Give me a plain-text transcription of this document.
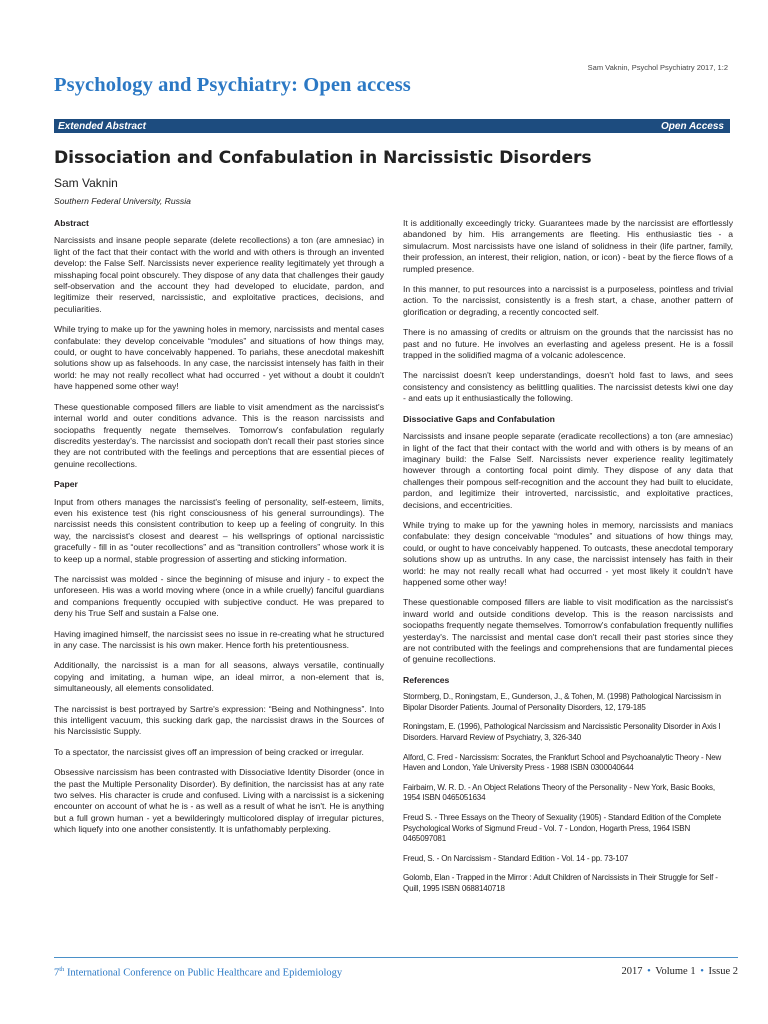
Sam Vaknin, Psychol Psychiatry 2017, 1:2
Psychology and Psychiatry: Open access
Extended Abstract	Open Access
Dissociation and Confabulation in Narcissistic Disorders
Sam Vaknin
Southern Federal University, Russia
Abstract

Narcissists and insane people separate (delete recollections) a ton (are amnesiac) in light of the fact that their contact with the world and with others is through an invented develop: the False Self. Narcissists never experience reality legitimately yet through a misshaping focal point obscurely. They dispose of any data that challenges their gaudy self-observation and the account they had developed to elucidate, pardon, and legitimize their reserved, narcissistic, and exploitative practices, decisions, and peculiarities.

While trying to make up for the yawning holes in memory, narcissists and mental cases confabulate: they develop conceivable “modules” and situations of how things may, could, or ought to have conceivably happened. To pariahs, these anecdotal makeshift solutions show up as falsehoods. In any case, the narcissist intensely has faith in their world: he may not really recollect what had occurred - yet without a doubt it couldn't have happened some other way!

These questionable composed fillers are liable to visit amendment as the narcissist's internal world and outer conditions advance. This is the reason narcissists and sociopaths frequently negate themselves. Tomorrow's confabulation regularly discredits yesterday's. The narcissist and sociopath don't recall their past stories since they are not contributed with the feelings and perceptions that are essential pieces of genuine recollections.

Paper

Input from others manages the narcissist's feeling of personality, self-esteem, limits, even his existence test (his right consciousness of his general surroundings). The narcissist needs this consistent contribution to keep up a feeling of congruity. In this way, the narcissist's closest and dearest – his wellsprings of optional narcissistic gracefully - fill in as “outer recollections” and as “transition controllers” whose work it is to keep up a normal, stable progression of asserting and sticking information.

The narcissist was molded - since the beginning of misuse and injury - to expect the unforeseen. His was a world moving where (once in a while cruelly) fanciful guardians and companions frequently occupied with subjective conduct. He was prepared to deny his True Self and sustain a False one.

Having imagined himself, the narcissist sees no issue in re-creating what he structured in any case. The narcissist is his own maker. Hence forth his pretentiousness.

Additionally, the narcissist is a man for all seasons, always versatile, continually copying and imitating, a human wipe, an ideal mirror, a non-element that is, simultaneously, all elements consolidated.

The narcissist is best portrayed by Sartre's expression: “Being and Nothingness”. Into this intelligent vacuum, this sucking dark gap, the narcissist draws in the Sources of his Narcissistic Supply.

To a spectator, the narcissist gives off an impression of being cracked or irregular.

Obsessive narcissism has been contrasted with Dissociative Identity Disorder (once in the past the Multiple Personality Disorder). By definition, the narcissist has at any rate two selves. His character is crude and confused. Living with a narcissist is a sickening encounter on account of what he is - as well as a result of what he isn't. He is anything but a full grown human - yet a bewilderingly multicolored display of irregular pictures, which liquefy into one another consistently. It is unfathomably perplexing.

It is additionally exceedingly tricky. Guarantees made by the narcissist are effortlessly abandoned by him. His arrangements are fleeting. His enthusiastic ties - a simulacrum. Most narcissists have one island of solidness in their (life partner, family, their profession, an interest, their religion, nation, or icon) - beat by the fierce flows of a rumpled presence.

In this manner, to put resources into a narcissist is a purposeless, pointless and trivial action. To the narcissist, consistently is a fresh start, a chase, another pattern of glorification or degrading, a recently concocted self.

There is no amassing of credits or altruism on the grounds that the narcissist has no past and no future. He involves an everlasting and ageless present. He is a fossil trapped in the solidified magma of a volcanic adolescence.

The narcissist doesn't keep understandings, doesn't hold fast to laws, and sees consistency and consistency as belittling qualities. The narcissist detests kiwi one day - and eats up it enthusiastically the following.

Dissociative Gaps and Confabulation

Narcissists and insane people separate (eradicate recollections) a ton (are amnesiac) in light of the fact that their contact with the world and with others is by means of an imaginary build: the False Self. Narcissists never experience reality legitimately however through a contorting focal point dimly. They dispose of any data that challenges their pompous self-recognition and the account they had built to elucidate, pardon, and legitimize their introverted, narcissistic, and exploitative practices, decisions, and eccentricities.

While trying to make up for the yawning holes in memory, narcissists and maniacs confabulate: they design conceivable “modules” and situations of how things may, could, or ought to have conceivably happened. To outcasts, these anecdotal temporary solutions show up as untruths. In any case, the narcissist intensely has faith in their world: he may not really recall what had occurred - yet most likely it couldn't have happened some other way!

These questionable composed fillers are liable to visit modification as the narcissist's inward world and outside conditions develop. This is the reason narcissists and sociopaths frequently negate themselves. Tomorrow's confabulation frequently nullifies yesterday's. The narcissist and mental case don't recall their past stories since they are not contributed with the feelings and comprehensions that are fundamental pieces of genuine recollections.

References

Stormberg, D., Roningstam, E., Gunderson, J., & Tohen, M. (1998) Pathological Narcissism in Bipolar Disorder Patients. Journal of Personality Disorders, 12, 179-185

Roningstam, E. (1996), Pathological Narcissism and Narcissistic Personality Disorder in Axis I Disorders. Harvard Review of Psychiatry, 3, 326-340

Alford, C. Fred - Narcissism: Socrates, the Frankfurt School and Psychoanalytic Theory - New Haven and London, Yale University Press - 1988 ISBN 0300040644

Fairbairn, W. R. D. - An Object Relations Theory of the Personality - New York, Basic Books, 1954 ISBN 0465051634

Freud S. - Three Essays on the Theory of Sexuality (1905) - Standard Edition of the Complete Psychological Works of Sigmund Freud - Vol. 7 - London, Hogarth Press, 1964 ISBN 0465097081

Freud, S. - On Narcissism - Standard Edition - Vol. 14 - pp. 73-107

Golomb, Elan - Trapped in the Mirror : Adult Children of Narcissists in Their Struggle for Self - Quill, 1995 ISBN 0688140718

7th International Conference on Public Healthcare and Epidemiology	2017 • Volume 1 • Issue 2
